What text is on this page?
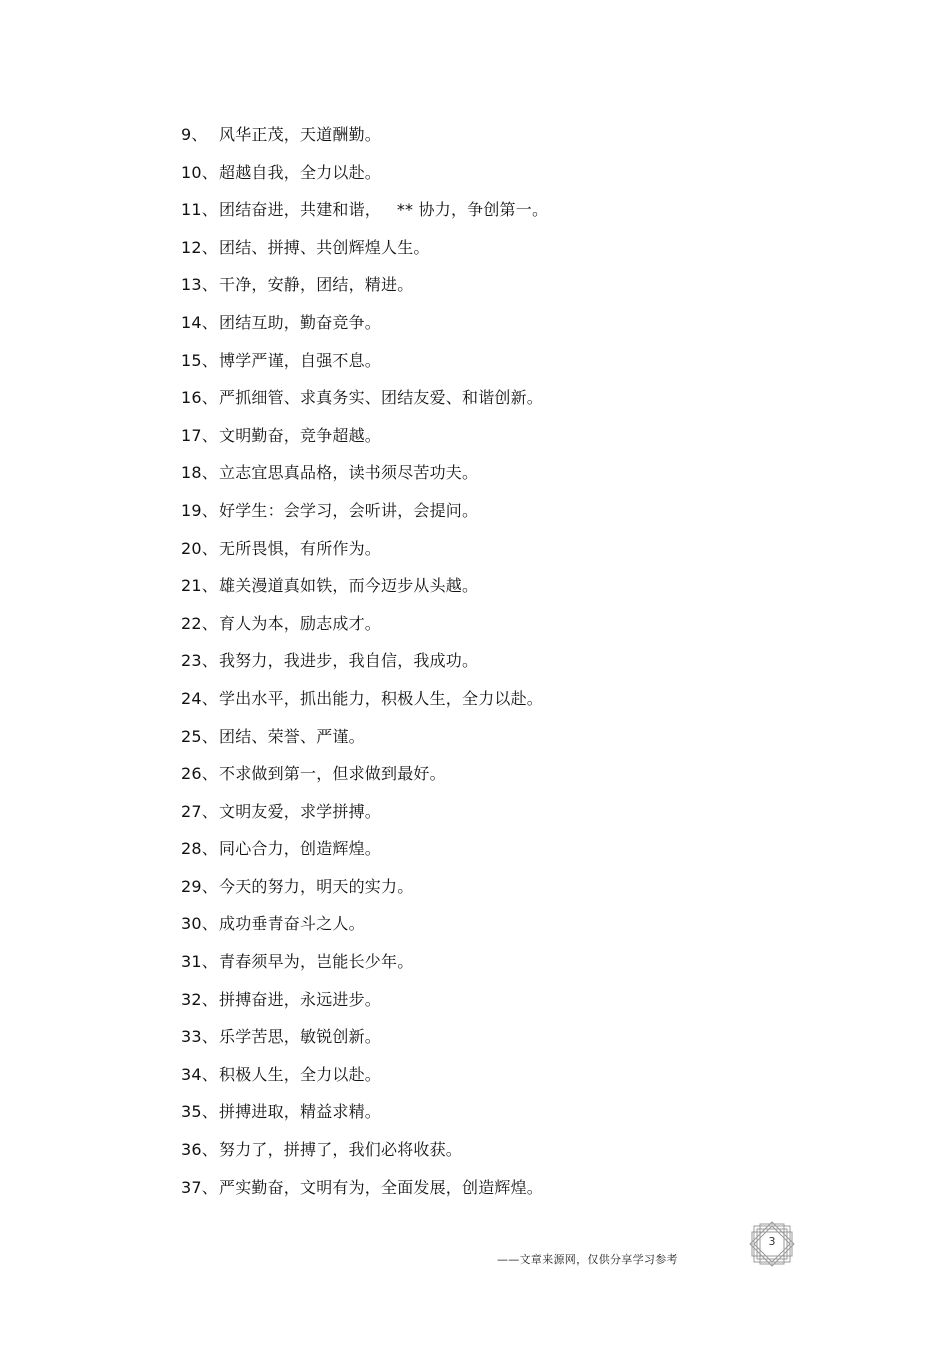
9、 风华正茂，天道酬勤。
10、超越自我，全力以赴。
11、团结奋进，共建和谐，   ** 协力，争创第一。
12、团结、拼搏、共创辉煌人生。
13、干净，安静，团结，精进。
14、团结互助，勤奋竞争。
15、博学严谨，自强不息。
16、严抓细管、求真务实、团结友爱、和谐创新。
17、文明勤奋，竞争超越。
18、立志宜思真品格，读书须尽苦功夫。
19、好学生：会学习，会听讲，会提问。
20、无所畏惧，有所作为。
21、雄关漫道真如铁，而今迈步从头越。
22、育人为本，励志成才。
23、我努力，我进步，我自信，我成功。
24、学出水平，抓出能力，积极人生，全力以赴。
25、团结、荣誉、严谨。
26、不求做到第一，但求做到最好。
27、文明友爱，求学拼搏。
28、同心合力，创造辉煌。
29、今天的努力，明天的实力。
30、成功垂青奋斗之人。
31、青春须早为，岂能长少年。
32、拼搏奋进，永远进步。
33、乐学苦思，敏锐创新。
34、积极人生，全力以赴。
35、拼搏进取，精益求精。
36、努力了，拼搏了，我们必将收获。
37、严实勤奋，文明有为，全面发展，创造辉煌。
——文章来源网，仅供分享学习参考
3
